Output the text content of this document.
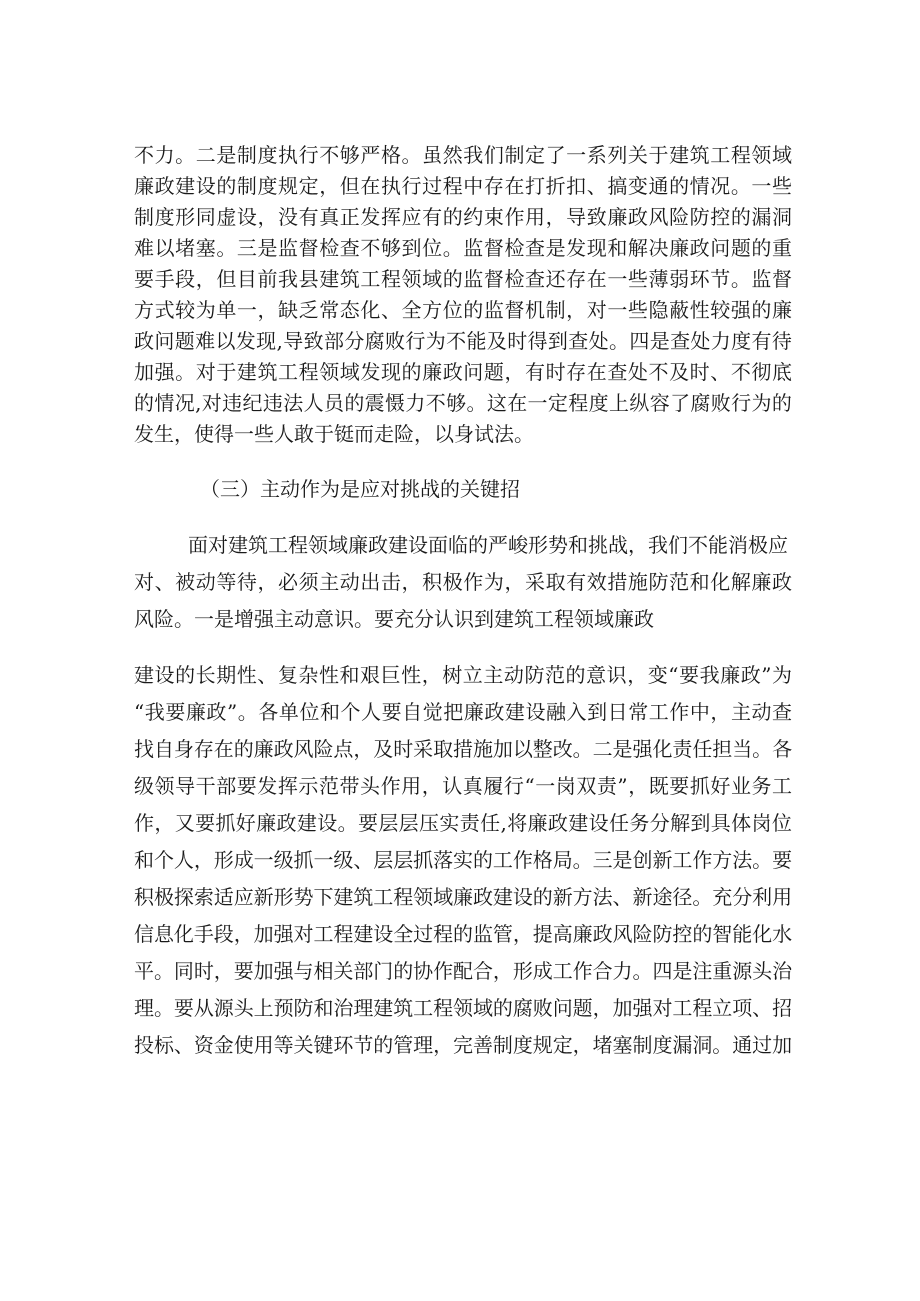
不力。二是制度执行不够严格。虽然我们制定了一系列关于建筑工程领域

廉政建设的制度规定，但在执行过程中存在打折扣、搞变通的情况。一些

制度形同虚设，没有真正发挥应有的约束作用，导致廉政风险防控的漏洞

难以堵塞。三是监督检查不够到位。监督检查是发现和解决廉政问题的重

要手段，但目前我县建筑工程领域的监督检查还存在一些薄弱环节。监督

方式较为单一，缺乏常态化、全方位的监督机制，对一些隐蔽性较强的廉

政问题难以发现,导致部分腐败行为不能及时得到查处。四是查处力度有待

加强。对于建筑工程领域发现的廉政问题，有时存在查处不及时、不彻底

的情况,对违纪违法人员的震慑力不够。这在一定程度上纵容了腐败行为的

发生，使得一些人敢于铤而走险，以身试法。

（三）主动作为是应对挑战的关键招

面对建筑工程领域廉政建设面临的严峻形势和挑战，我们不能消极应

对、被动等待，必须主动出击，积极作为，采取有效措施防范和化解廉政

风险。一是增强主动意识。要充分认识到建筑工程领域廉政

建设的长期性、复杂性和艰巨性，树立主动防范的意识，变“要我廉政”为

“我要廉政”。各单位和个人要自觉把廉政建设融入到日常工作中，主动查

找自身存在的廉政风险点，及时采取措施加以整改。二是强化责任担当。各

级领导干部要发挥示范带头作用，认真履行“一岗双责”，既要抓好业务工

作，又要抓好廉政建设。要层层压实责任,将廉政建设任务分解到具体岗位

和个人，形成一级抓一级、层层抓落实的工作格局。三是创新工作方法。要

积极探索适应新形势下建筑工程领域廉政建设的新方法、新途径。充分利用

信息化手段，加强对工程建设全过程的监管，提高廉政风险防控的智能化水

平。同时，要加强与相关部门的协作配合，形成工作合力。四是注重源头治

理。要从源头上预防和治理建筑工程领域的腐败问题，加强对工程立项、招

投标、资金使用等关键环节的管理，完善制度规定，堵塞制度漏洞。通过加
